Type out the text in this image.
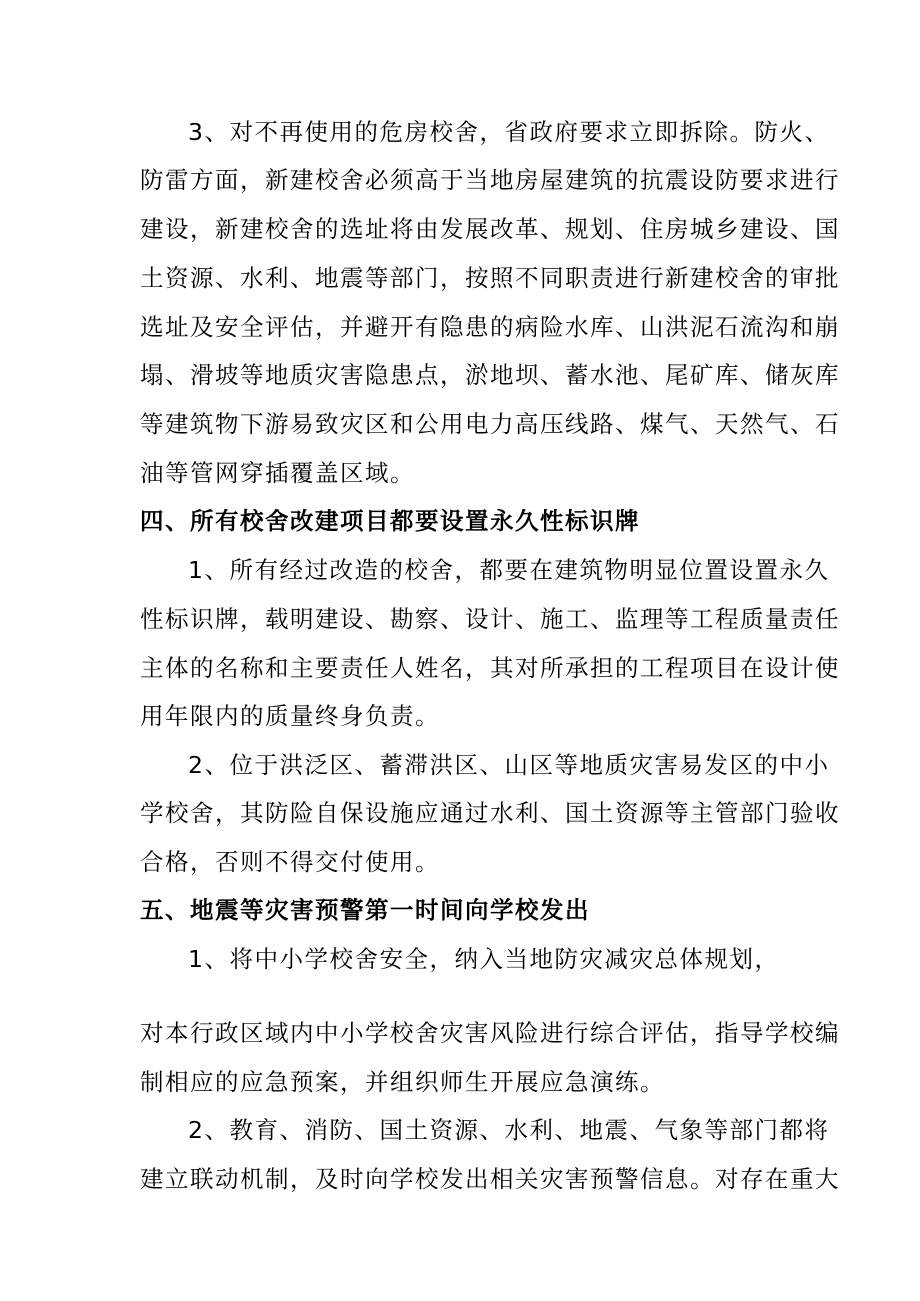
3、对不再使用的危房校舍，省政府要求立即拆除。防火、
防雷方面，新建校舍必须高于当地房屋建筑的抗震设防要求进行
建设，新建校舍的选址将由发展改革、规划、住房城乡建设、国
土资源、水利、地震等部门，按照不同职责进行新建校舍的审批
选址及安全评估，并避开有隐患的病险水库、山洪泥石流沟和崩
塌、滑坡等地质灾害隐患点，淤地坝、蓄水池、尾矿库、储灰库
等建筑物下游易致灾区和公用电力高压线路、煤气、天然气、石
油等管网穿插覆盖区域。
四、所有校舍改建项目都要设置永久性标识牌
1、所有经过改造的校舍，都要在建筑物明显位置设置永久
性标识牌，载明建设、勘察、设计、施工、监理等工程质量责任
主体的名称和主要责任人姓名，其对所承担的工程项目在设计使
用年限内的质量终身负责。
2、位于洪泛区、蓄滞洪区、山区等地质灾害易发区的中小
学校舍，其防险自保设施应通过水利、国土资源等主管部门验收
合格，否则不得交付使用。
五、地震等灾害预警第一时间向学校发出
1、将中小学校舍安全，纳入当地防灾减灾总体规划，
对本行政区域内中小学校舍灾害风险进行综合评估，指导学校编
制相应的应急预案，并组织师生开展应急演练。
2、教育、消防、国土资源、水利、地震、气象等部门都将
建立联动机制，及时向学校发出相关灾害预警信息。对存在重大
